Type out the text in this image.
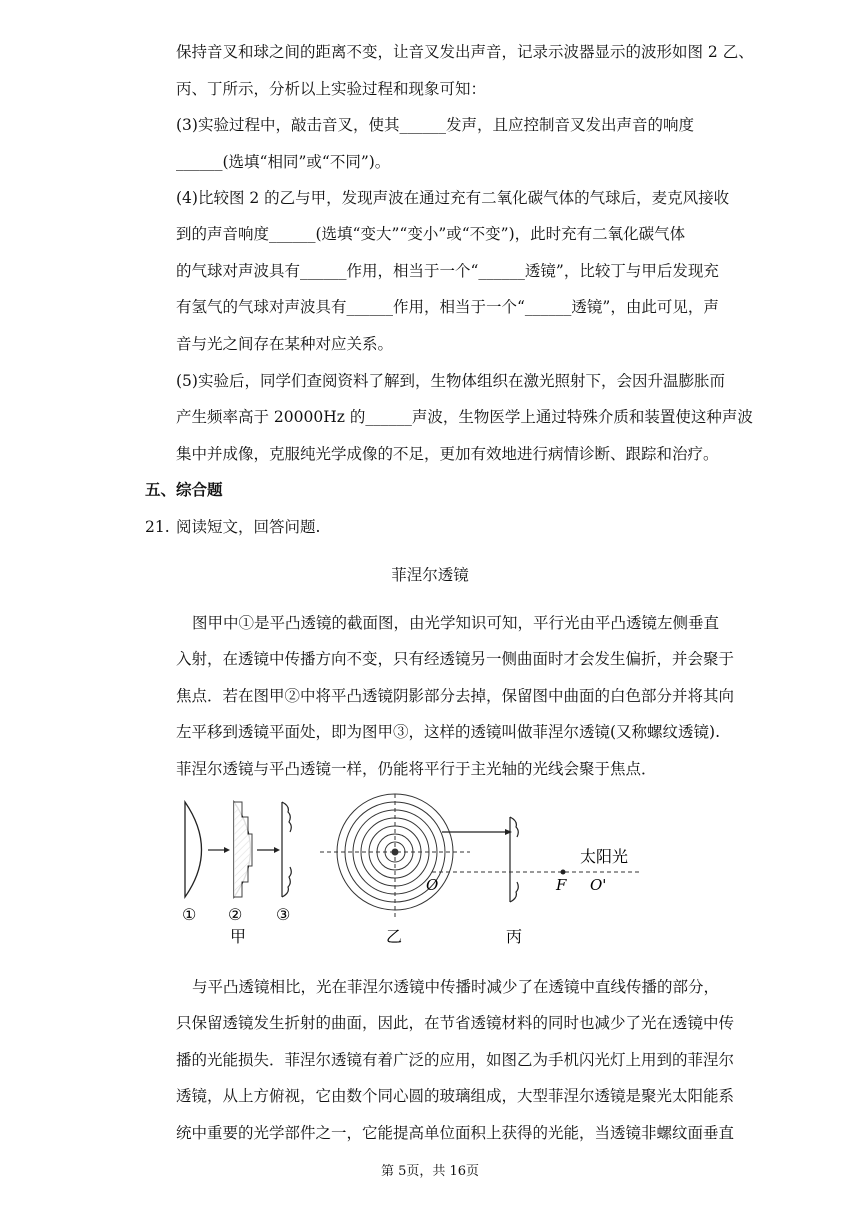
保持音叉和球之间的距离不变，让音叉发出声音，记录示波器显示的波形如图 2 乙、
丙、丁所示，分析以上实验过程和现象可知：
(3)实验过程中，敲击音叉，使其______发声，且应控制音叉发出声音的响度
______(选填“相同”或“不同”)。
(4)比较图 2 的乙与甲，发现声波在通过充有二氧化碳气体的气球后，麦克风接收
到的声音响度______(选填“变大”“变小”或“不变”)，此时充有二氧化碳气体
的气球对声波具有______作用，相当于一个“______透镜”，比较丁与甲后发现充
有氢气的气球对声波具有______作用，相当于一个“______透镜”，由此可见，声
音与光之间存在某种对应关系。
(5)实验后，同学们查阅资料了解到，生物体组织在激光照射下，会因升温膨胀而
产生频率高于 20000Hz 的______声波，生物医学上通过特殊介质和装置使这种声波
集中并成像，克服纯光学成像的不足，更加有效地进行病情诊断、跟踪和治疗。
五、综合题
21. 阅读短文，回答问题.
菲涅尔透镜
图甲中①是平凸透镜的截面图，由光学知识可知，平行光由平凸透镜左侧垂直
入射，在透镜中传播方向不变，只有经透镜另一侧曲面时才会发生偏折，并会聚于
焦点．若在图甲②中将平凸透镜阴影部分去掉，保留图中曲面的白色部分并将其向
左平移到透镜平面处，即为图甲③，这样的透镜叫做菲涅尔透镜(又称螺纹透镜).
菲涅尔透镜与平凸透镜一样，仍能将平行于主光轴的光线会聚于焦点．
① ② ③
甲	乙
O	F O'
太阳光
丙
与平凸透镜相比，光在菲涅尔透镜中传播时减少了在透镜中直线传播的部分，
只保留透镜发生折射的曲面，因此，在节省透镜材料的同时也减少了光在透镜中传
播的光能损失．菲涅尔透镜有着广泛的应用，如图乙为手机闪光灯上用到的菲涅尔
透镜，从上方俯视，它由数个同心圆的玻璃组成，大型菲涅尔透镜是聚光太阳能系
统中重要的光学部件之一，它能提高单位面积上获得的光能，当透镜非螺纹面垂直
第 5页，共 16页
